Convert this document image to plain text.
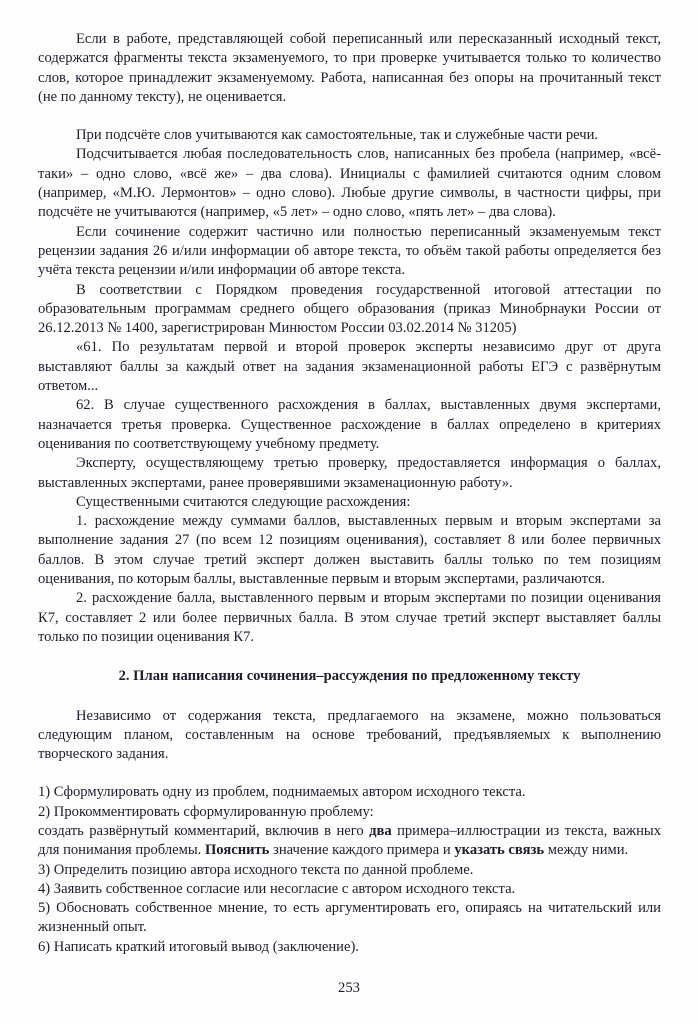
Если в работе, представляющей собой переписанный или пересказанный исходный текст, содержатся фрагменты текста экзаменуемого, то при проверке учитывается только то количество слов, которое принадлежит экзаменуемому. Работа, написанная без опоры на прочитанный текст (не по данному тексту), не оценивается.

При подсчёте слов учитываются как самостоятельные, так и служебные части речи.

Подсчитывается любая последовательность слов, написанных без пробела (например, «всё-таки» – одно слово, «всё же» – два слова). Инициалы с фамилией считаются одним словом (например, «М.Ю. Лермонтов» – одно слово). Любые другие символы, в частности цифры, при подсчёте не учитываются (например, «5 лет» – одно слово, «пять лет» – два слова).

Если сочинение содержит частично или полностью переписанный экзаменуемым текст рецензии задания 26 и/или информации об авторе текста, то объём такой работы определяется без учёта текста рецензии и/или информации об авторе текста.

В соответствии с Порядком проведения государственной итоговой аттестации по образовательным программам среднего общего образования (приказ Минобрнауки России от 26.12.2013 № 1400, зарегистрирован Минюстом России 03.02.2014 № 31205)

«61. По результатам первой и второй проверок эксперты независимо друг от друга выставляют баллы за каждый ответ на задания экзаменационной работы ЕГЭ с развёрнутым ответом...

62. В случае существенного расхождения в баллах, выставленных двумя экспертами, назначается третья проверка. Существенное расхождение в баллах определено в критериях оценивания по соответствующему учебному предмету.

Эксперту, осуществляющему третью проверку, предоставляется информация о баллах, выставленных экспертами, ранее проверявшими экзаменационную работу».

Существенными считаются следующие расхождения:

1. расхождение между суммами баллов, выставленных первым и вторым экспертами за выполнение задания 27 (по всем 12 позициям оценивания), составляет 8 или более первичных баллов. В этом случае третий эксперт должен выставить баллы только по тем позициям оценивания, по которым баллы, выставленные первым и вторым экспертами, различаются.

2. расхождение балла, выставленного первым и вторым экспертами по позиции оценивания К7, составляет 2 или более первичных балла. В этом случае третий эксперт выставляет баллы только по позиции оценивания К7.

2. План написания сочинения–рассуждения по предложенному тексту

Независимо от содержания текста, предлагаемого на экзамене, можно пользоваться следующим планом, составленным на основе требований, предъявляемых к выполнению творческого задания.

1) Сформулировать одну из проблем, поднимаемых автором исходного текста.

2) Прокомментировать сформулированную проблему:

создать развёрнутый комментарий, включив в него два примера–иллюстрации из текста, важных для понимания проблемы. Пояснить значение каждого примера и указать связь между ними.

3) Определить позицию автора исходного текста по данной проблеме.

4) Заявить собственное согласие или несогласие с автором исходного текста.

5) Обосновать собственное мнение, то есть аргументировать его, опираясь на читательский или жизненный опыт.

6) Написать краткий итоговый вывод (заключение).

253
